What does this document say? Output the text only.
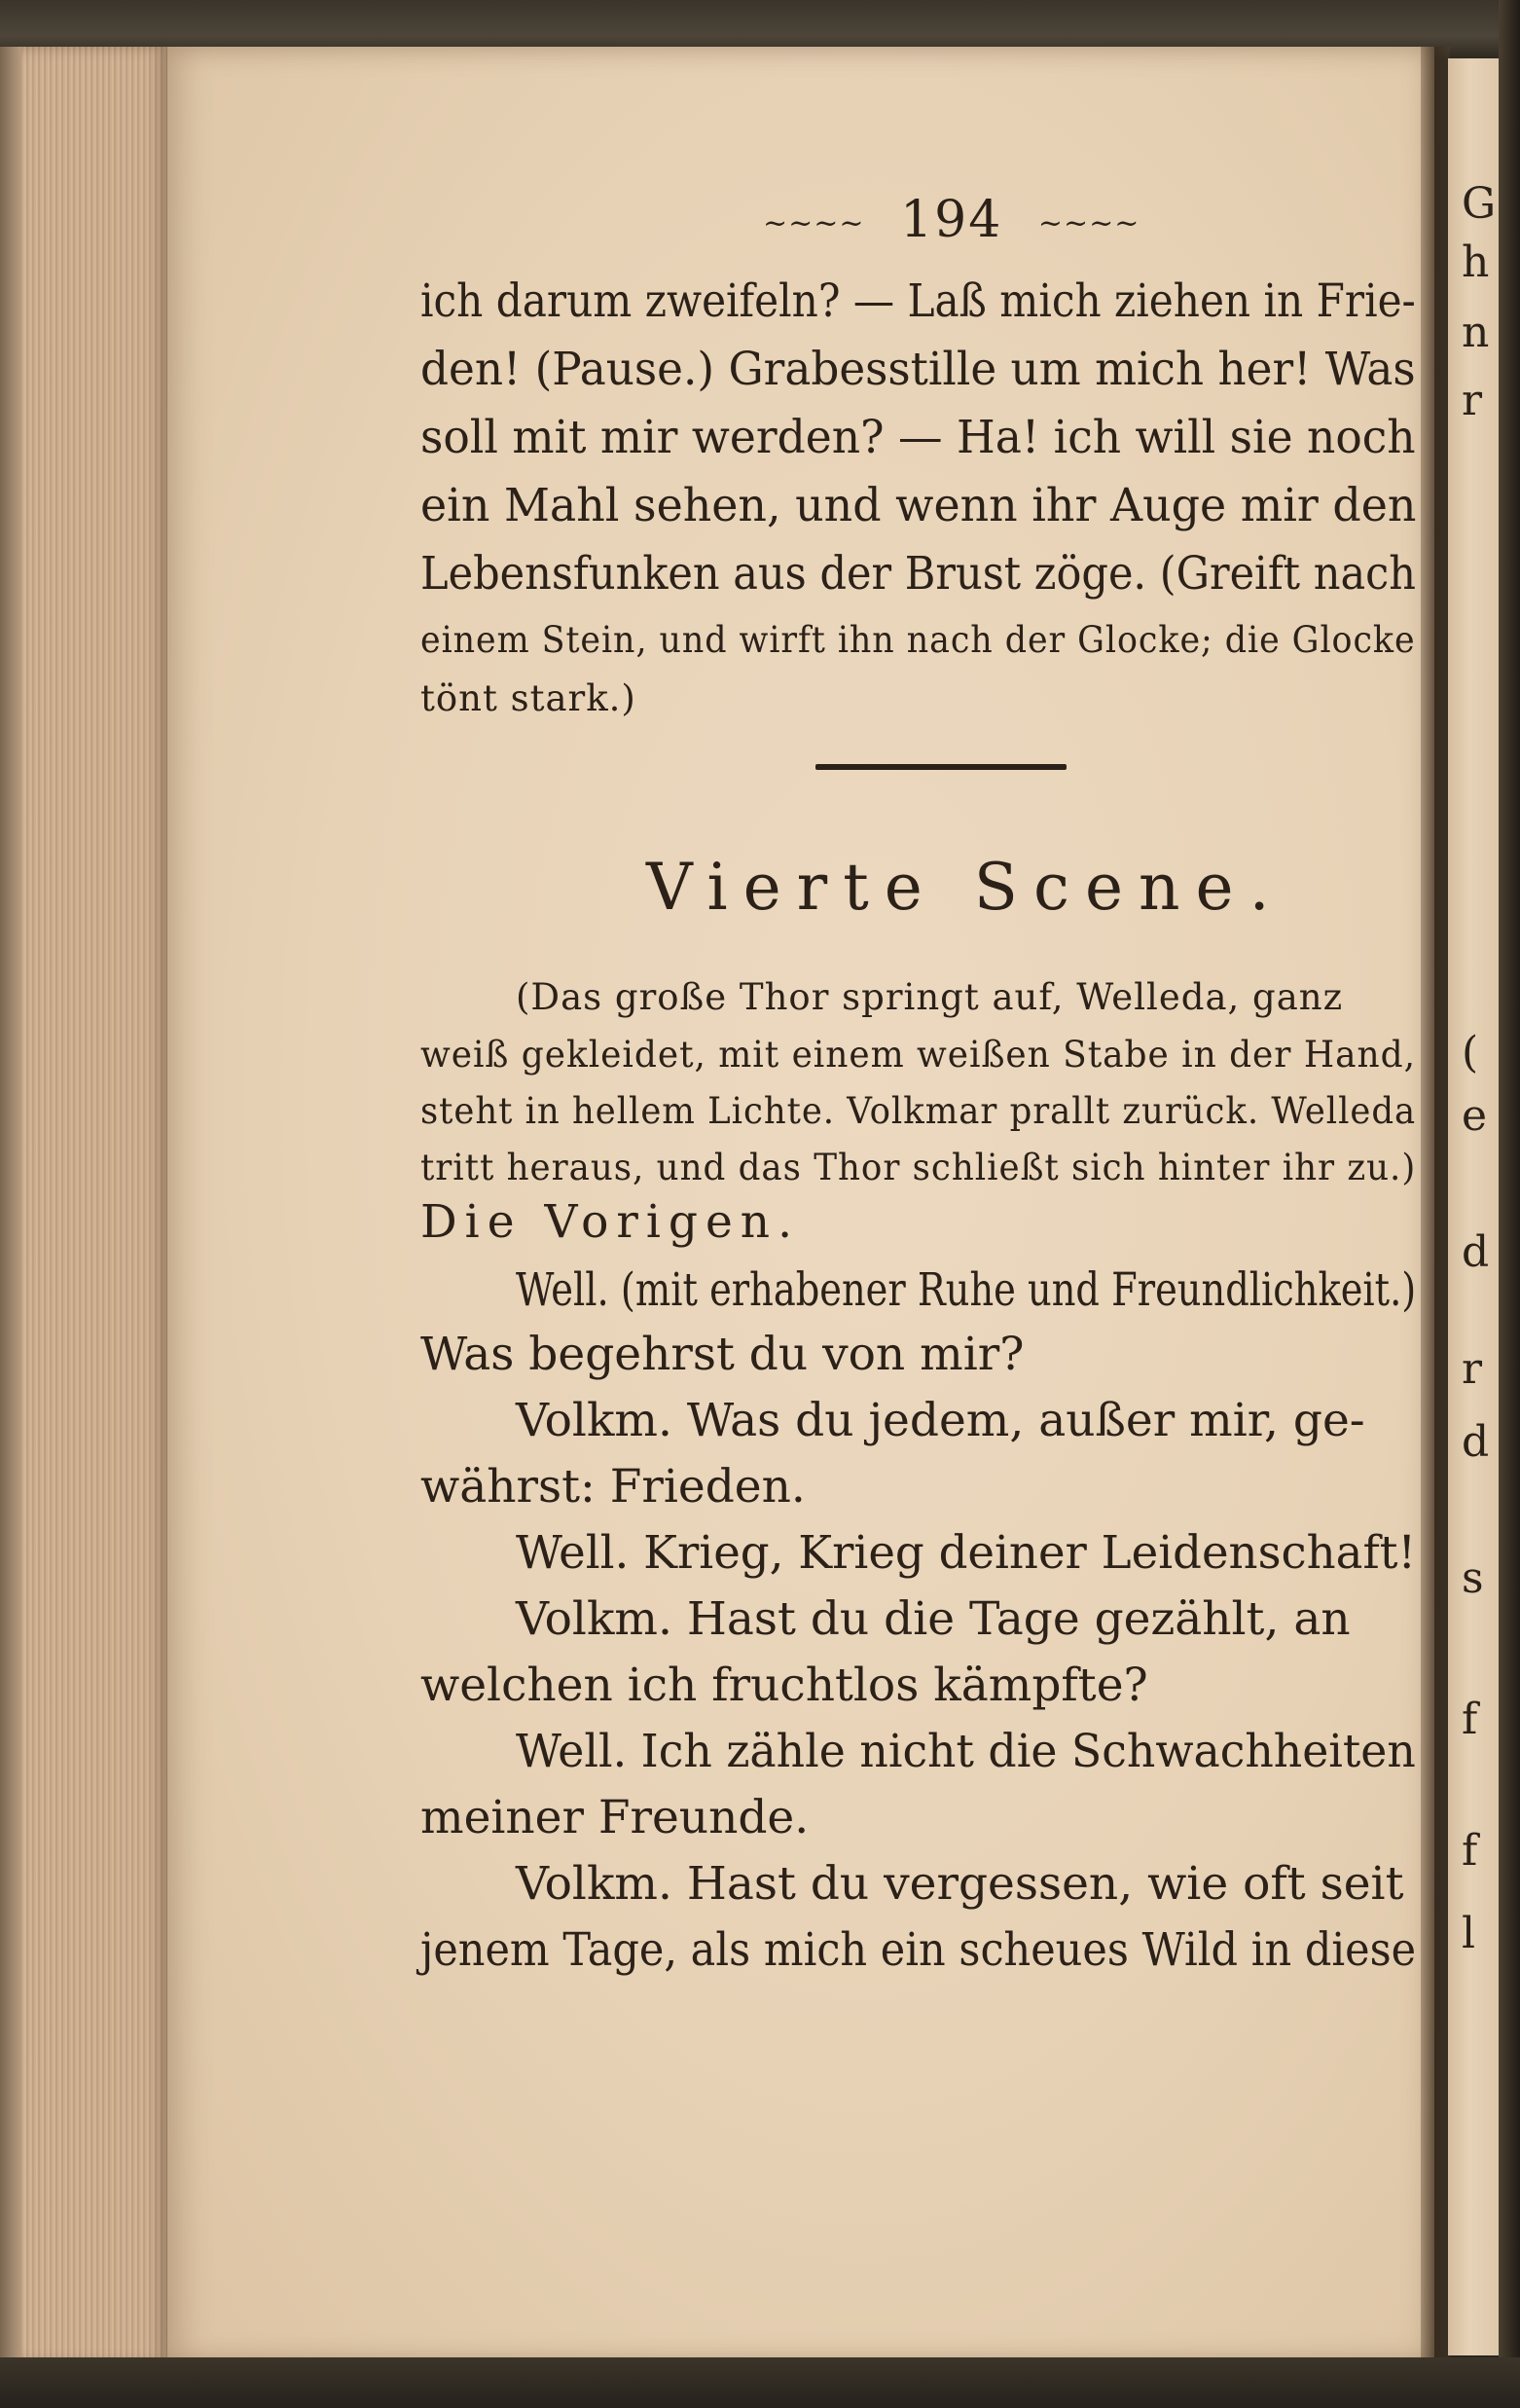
G
h
n
r
(
e
d
r
d
s
f
f
l
~~~~ 194 ~~~~
ich darum zweifeln? — Laß mich ziehen in Frie-
den! (Pause.) Grabesstille um mich her! Was
soll mit mir werden? — Ha! ich will sie noch
ein Mahl sehen, und wenn ihr Auge mir den
Lebensfunken aus der Brust zöge. (Greift nach
einem Stein, und wirft ihn nach der Glocke; die Glocke
tönt stark.)
Vierte Scene.
(Das große Thor springt auf, Welleda, ganz
weiß gekleidet, mit einem weißen Stabe in der Hand,
steht in hellem Lichte. Volkmar prallt zurück. Welleda
tritt heraus, und das Thor schließt sich hinter ihr zu.)
Die Vorigen.
Well. (mit erhabener Ruhe und Freundlichkeit.)
Was begehrst du von mir?
Volkm. Was du jedem, außer mir, ge-
währst: Frieden.
Well. Krieg, Krieg deiner Leidenschaft!
Volkm. Hast du die Tage gezählt, an
welchen ich fruchtlos kämpfte?
Well. Ich zähle nicht die Schwachheiten
meiner Freunde.
Volkm. Hast du vergessen, wie oft seit
jenem Tage, als mich ein scheues Wild in diese
